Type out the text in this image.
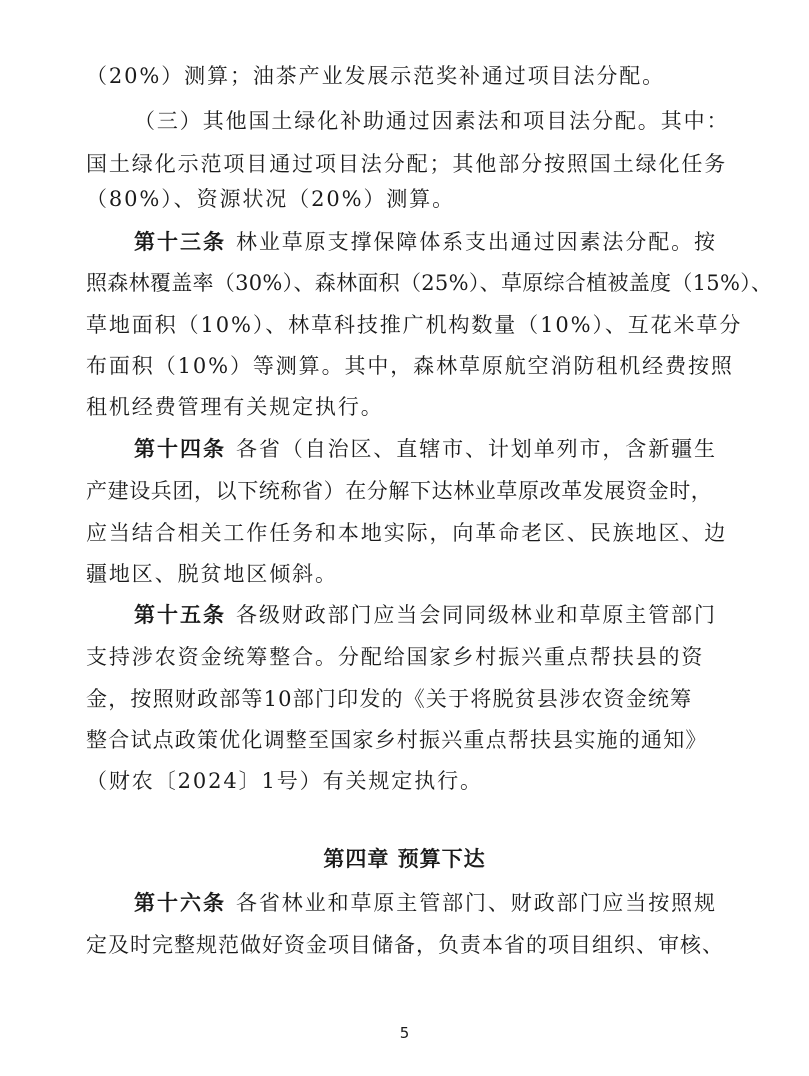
（20%）测算；油茶产业发展示范奖补通过项目法分配。

（三）其他国土绿化补助通过因素法和项目法分配。其中：

国土绿化示范项目通过项目法分配；其他部分按照国土绿化任务

（80%）、资源状况（20%）测算。

第十三条 林业草原支撑保障体系支出通过因素法分配。按

照森林覆盖率（30%）、森林面积（25%）、草原综合植被盖度（15%）、

草地面积（10%）、林草科技推广机构数量（10%）、互花米草分

布面积（10%）等测算。其中，森林草原航空消防租机经费按照

租机经费管理有关规定执行。

第十四条 各省（自治区、直辖市、计划单列市，含新疆生

产建设兵团，以下统称省）在分解下达林业草原改革发展资金时，

应当结合相关工作任务和本地实际，向革命老区、民族地区、边

疆地区、脱贫地区倾斜。

第十五条 各级财政部门应当会同同级林业和草原主管部门

支持涉农资金统筹整合。分配给国家乡村振兴重点帮扶县的资

金，按照财政部等10部门印发的《关于将脱贫县涉农资金统筹

整合试点政策优化调整至国家乡村振兴重点帮扶县实施的通知》

（财农〔2024〕1号）有关规定执行。

第四章 预算下达

第十六条 各省林业和草原主管部门、财政部门应当按照规

定及时完整规范做好资金项目储备，负责本省的项目组织、审核、

5
